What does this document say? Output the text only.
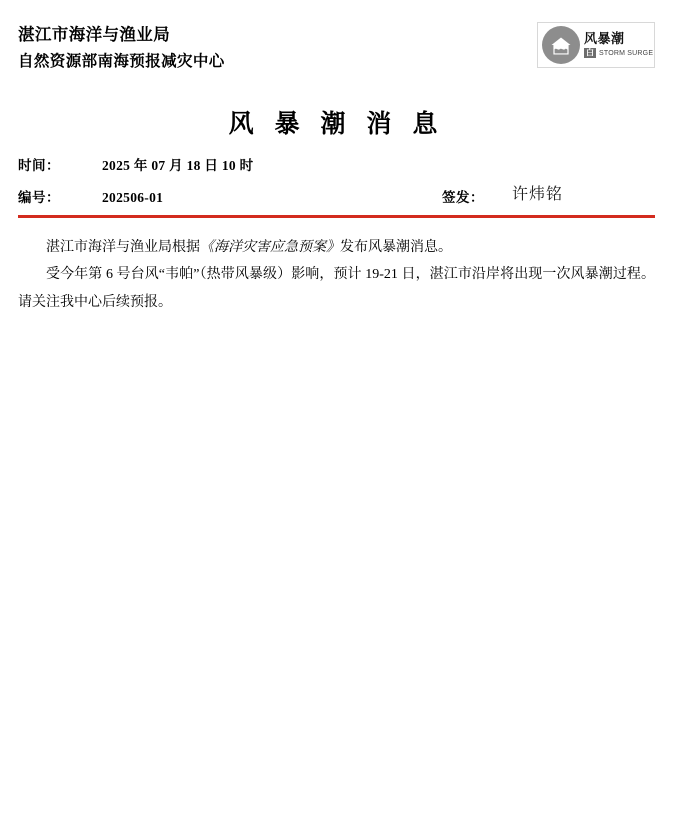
湛江市海洋与渔业局
自然资源部南海预报减灾中心
风暴潮
白 STORM SURGE
风 暴 潮 消 息
时间：	2025 年 07 月 18 日 10 时
编号：	202506-01	签发： 许炜铭

湛江市海洋与渔业局根据《海洋灾害应急预案》发布风暴潮消息。

受今年第 6 号台风“韦帕”（热带风暴级）影响，预计 19-21 日，湛江市沿岸将出现一次风暴潮过程。请关注我中心后续预报。
